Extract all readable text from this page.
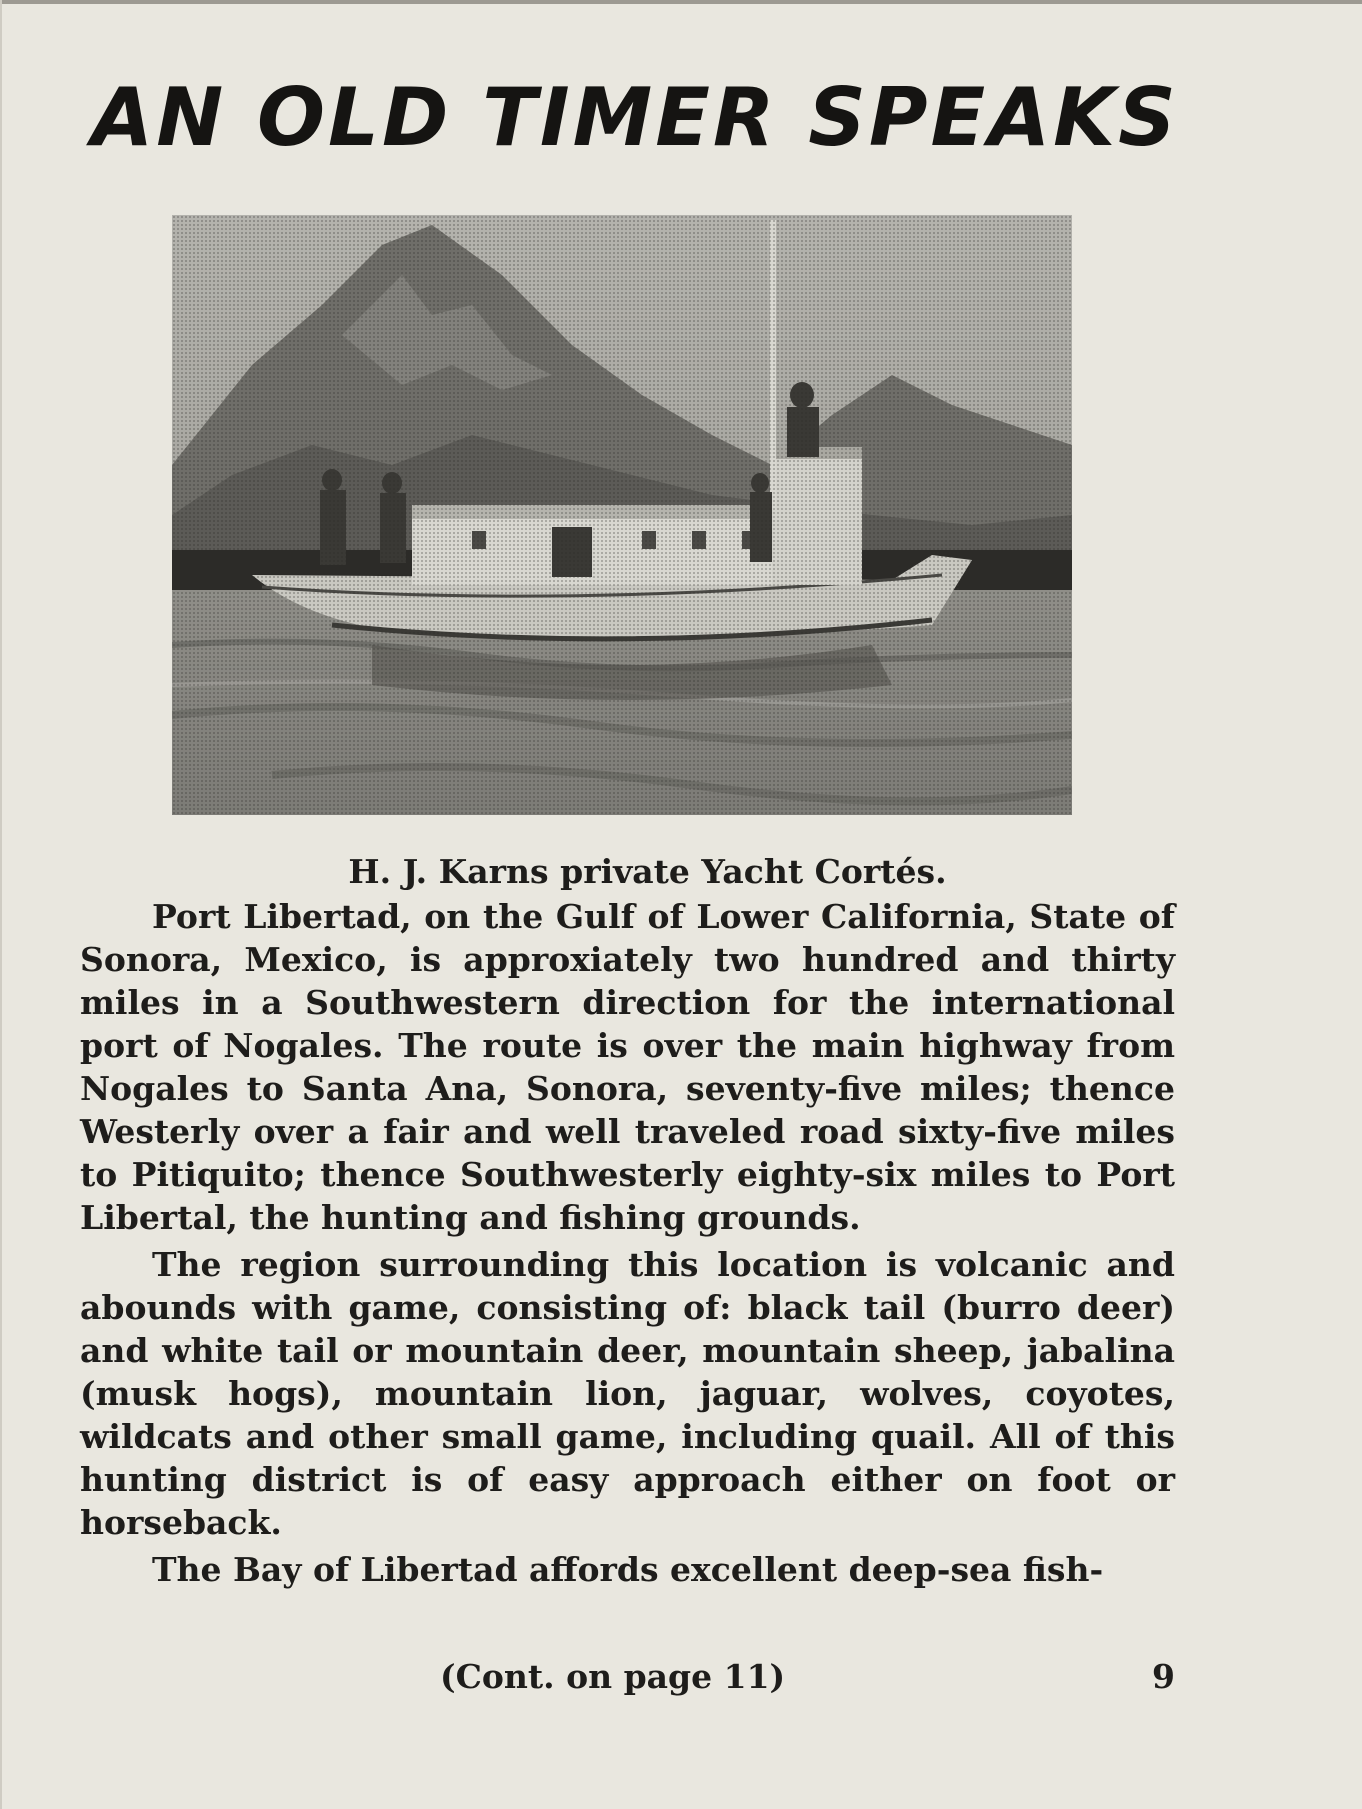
AN OLD TIMER SPEAKS

H. J. Karns private Yacht Cortés.

Port Libertad, on the Gulf of Lower California, State of Sonora, Mexico, is approxiately two hundred and thirty miles in a Southwestern direction for the international port of Nogales. The route is over the main highway from Nogales to Santa Ana, Sonora, seventy-five miles; thence Westerly over a fair and well traveled road sixty-five miles to Pitiquito; thence Southwesterly eighty-six miles to Port Libertal, the hunting and fishing grounds.

The region surrounding this location is volcanic and abounds with game, consisting of: black tail (burro deer) and white tail or mountain deer, mountain sheep, jabalina (musk hogs), mountain lion, jaguar, wolves, coyotes, wildcats and other small game, including quail. All of this hunting district is of easy approach either on foot or horseback.

The Bay of Libertad affords excellent deep-sea fish-

(Cont. on page 11)	9
